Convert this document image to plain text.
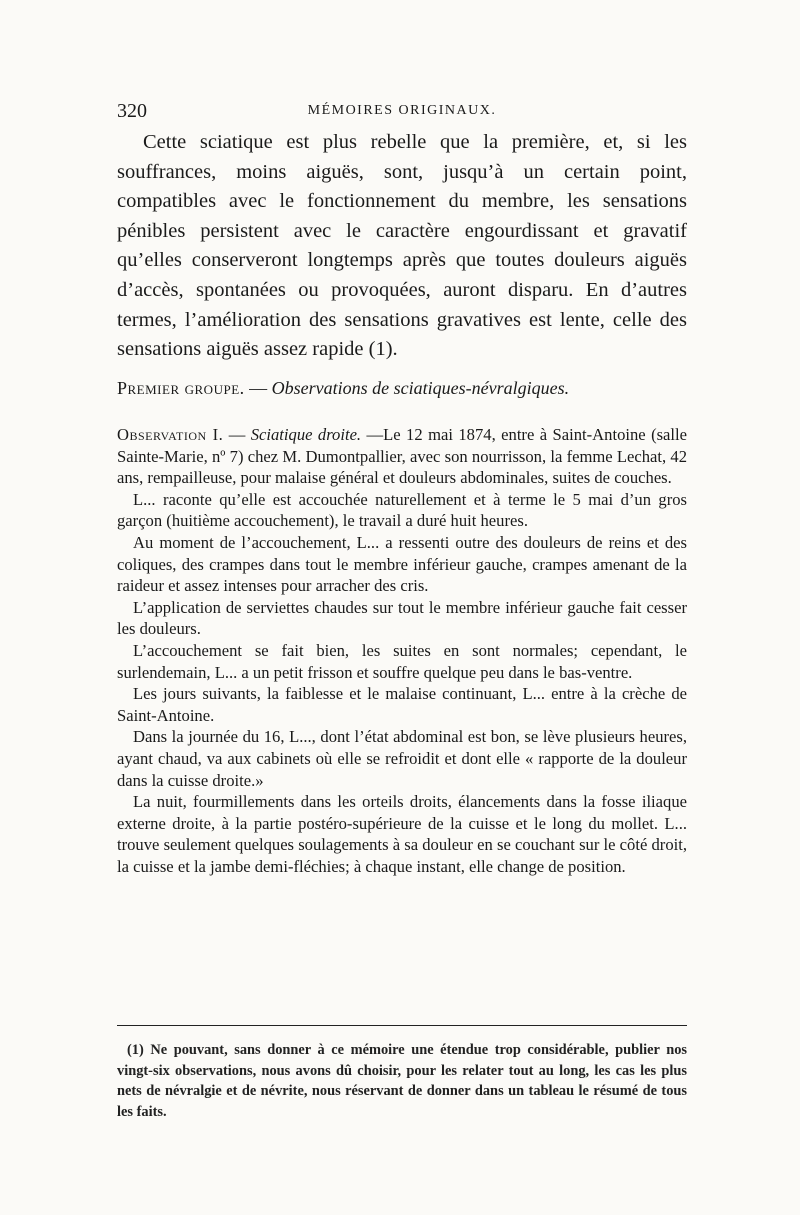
320	MÉMOIRES ORIGINAUX.

Cette sciatique est plus rebelle que la première, et, si les souffrances, moins aiguës, sont, jusqu’à un certain point, compatibles avec le fonctionnement du membre, les sensations pénibles persistent avec le caractère engourdissant et gravatif qu’elles conserveront longtemps après que toutes douleurs aiguës d’accès, spontanées ou provoquées, auront disparu. En d’autres termes, l’amélioration des sensations gravatives est lente, celle des sensations aiguës assez rapide (1).

Premier groupe. — Observations de sciatiques-névralgiques.

Observation I. — Sciatique droite. —Le 12 mai 1874, entre à Saint-Antoine (salle Sainte-Marie, nº 7) chez M. Dumontpallier, avec son nourrisson, la femme Lechat, 42 ans, rempailleuse, pour malaise général et douleurs abdominales, suites de couches.

L... raconte qu’elle est accouchée naturellement et à terme le 5 mai d’un gros garçon (huitième accouchement), le travail a duré huit heures.

Au moment de l’accouchement, L... a ressenti outre des douleurs de reins et des coliques, des crampes dans tout le membre inférieur gauche, crampes amenant de la raideur et assez intenses pour arracher des cris.

L’application de serviettes chaudes sur tout le membre inférieur gauche fait cesser les douleurs.

L’accouchement se fait bien, les suites en sont normales; cependant, le surlendemain, L... a un petit frisson et souffre quelque peu dans le bas-ventre.

Les jours suivants, la faiblesse et le malaise continuant, L... entre à la crèche de Saint-Antoine.

Dans la journée du 16, L..., dont l’état abdominal est bon, se lève plusieurs heures, ayant chaud, va aux cabinets où elle se refroidit et dont elle « rapporte de la douleur dans la cuisse droite.»

La nuit, fourmillements dans les orteils droits, élancements dans la fosse iliaque externe droite, à la partie postéro-supérieure de la cuisse et le long du mollet. L... trouve seulement quelques soulagements à sa douleur en se couchant sur le côté droit, la cuisse et la jambe demi-fléchies; à chaque instant, elle change de position.

(1) Ne pouvant, sans donner à ce mémoire une étendue trop considérable, publier nos vingt-six observations, nous avons dû choisir, pour les relater tout au long, les cas les plus nets de névralgie et de névrite, nous réservant de donner dans un tableau le résumé de tous les faits.
